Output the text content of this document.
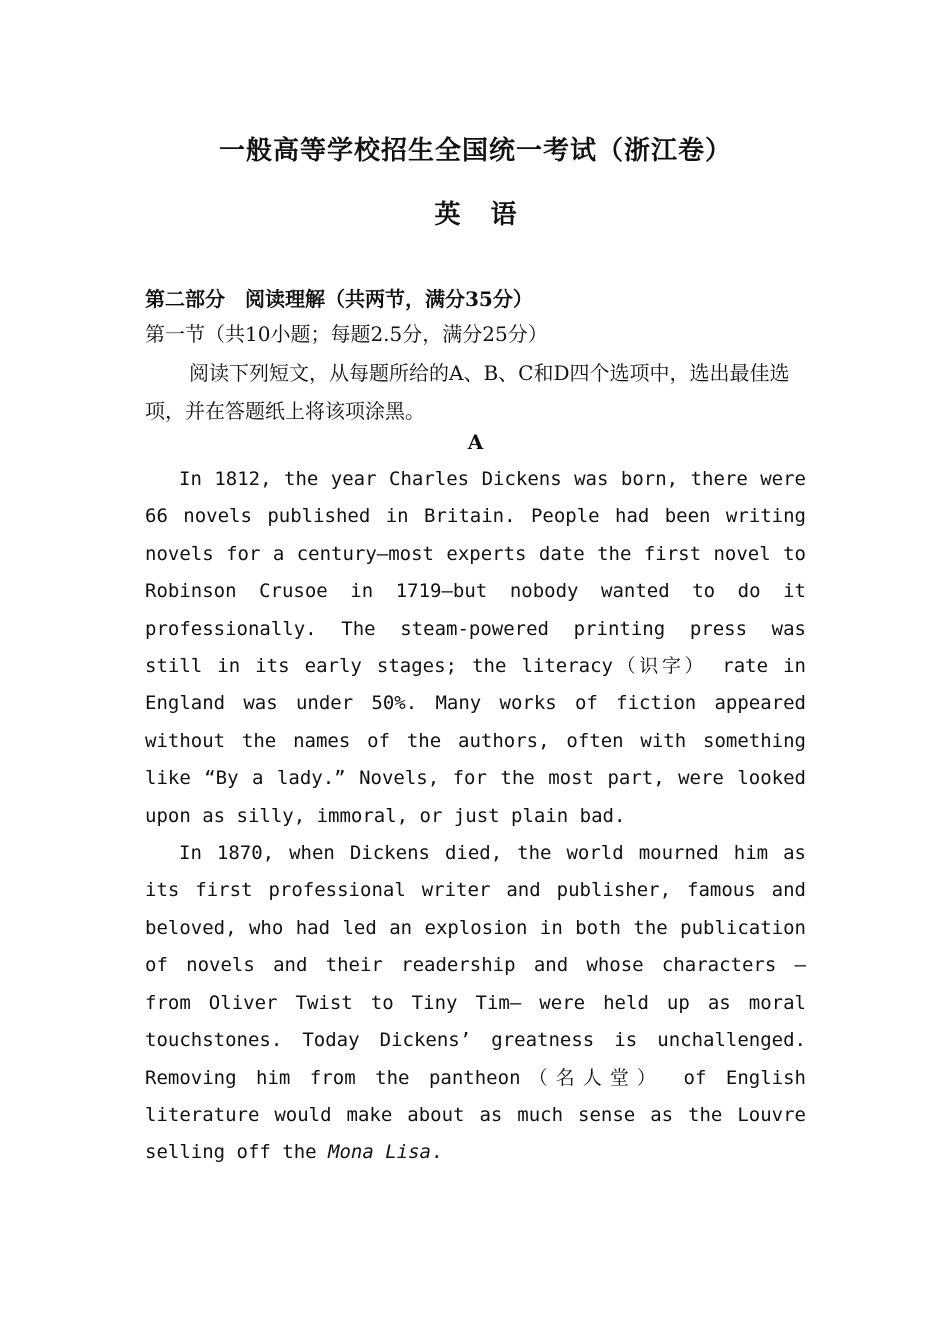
一般高等学校招生全国统一考试（浙江卷）
英语
第二部分　阅读理解（共两节，满分35分）
第一节（共10小题；每题2.5分，满分25分）
阅读下列短文，从每题所给的A、B、C和D四个选项中，选出最佳选项，并在答题纸上将该项涂黑。
A

In 1812, the year Charles Dickens was born, there were 66 novels published in Britain. People had been writing novels for a century—most experts date the first novel to Robinson Crusoe in 1719—but nobody wanted to do it professionally. The steam-powered printing press was still in its early stages; the literacy（识字） rate in England was under 50%. Many works of fiction appeared without the names of the authors, often with something like “By a lady.” Novels, for the most part, were looked upon as silly, immoral, or just plain bad.

In 1870, when Dickens died, the world mourned him as its first professional writer and publisher, famous and beloved, who had led an explosion in both the publication of novels and their readership and whose characters — from Oliver Twist to Tiny Tim— were held up as moral touchstones. Today Dickens’ greatness is unchallenged. Removing him from the pantheon（名人堂） of English literature would make about as much sense as the Louvre selling off the Mona Lisa.
